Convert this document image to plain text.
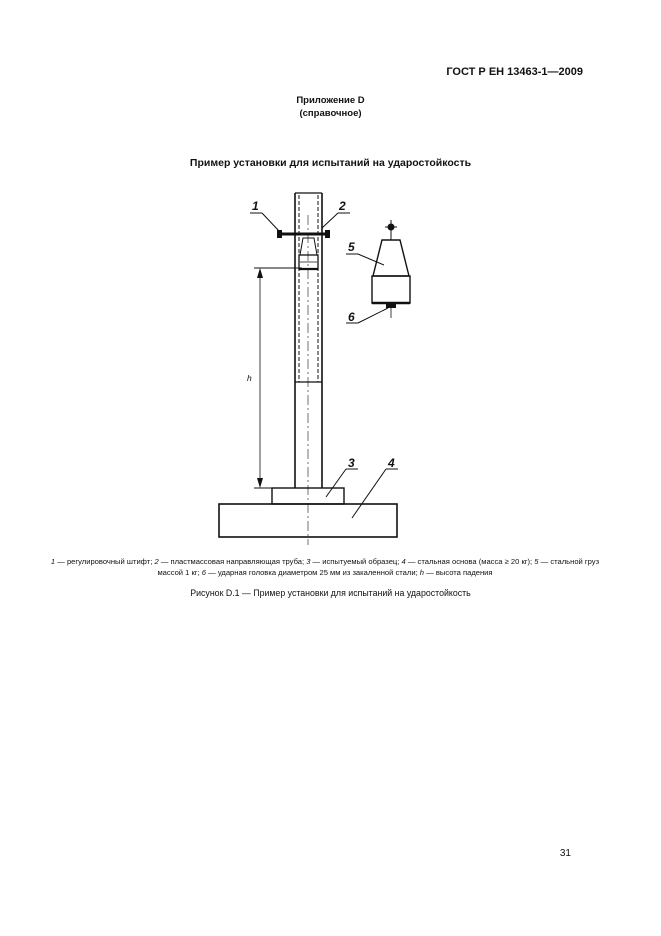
ГОСТ Р ЕН 13463-1—2009
Приложение D
(справочное)
Пример установки для испытаний на ударостойкость
1	2
5
6
3	4
h
1 — регулировочный штифт; 2 — пластмассовая направляющая труба; 3 — испытуемый образец; 4 — стальная основа (масса ≥ 20 кг); 5 — стальной груз массой 1 кг; 6 — ударная головка диаметром 25 мм из закаленной стали; h — высота падения
Рисунок D.1 — Пример установки для испытаний на ударостойкость
31
